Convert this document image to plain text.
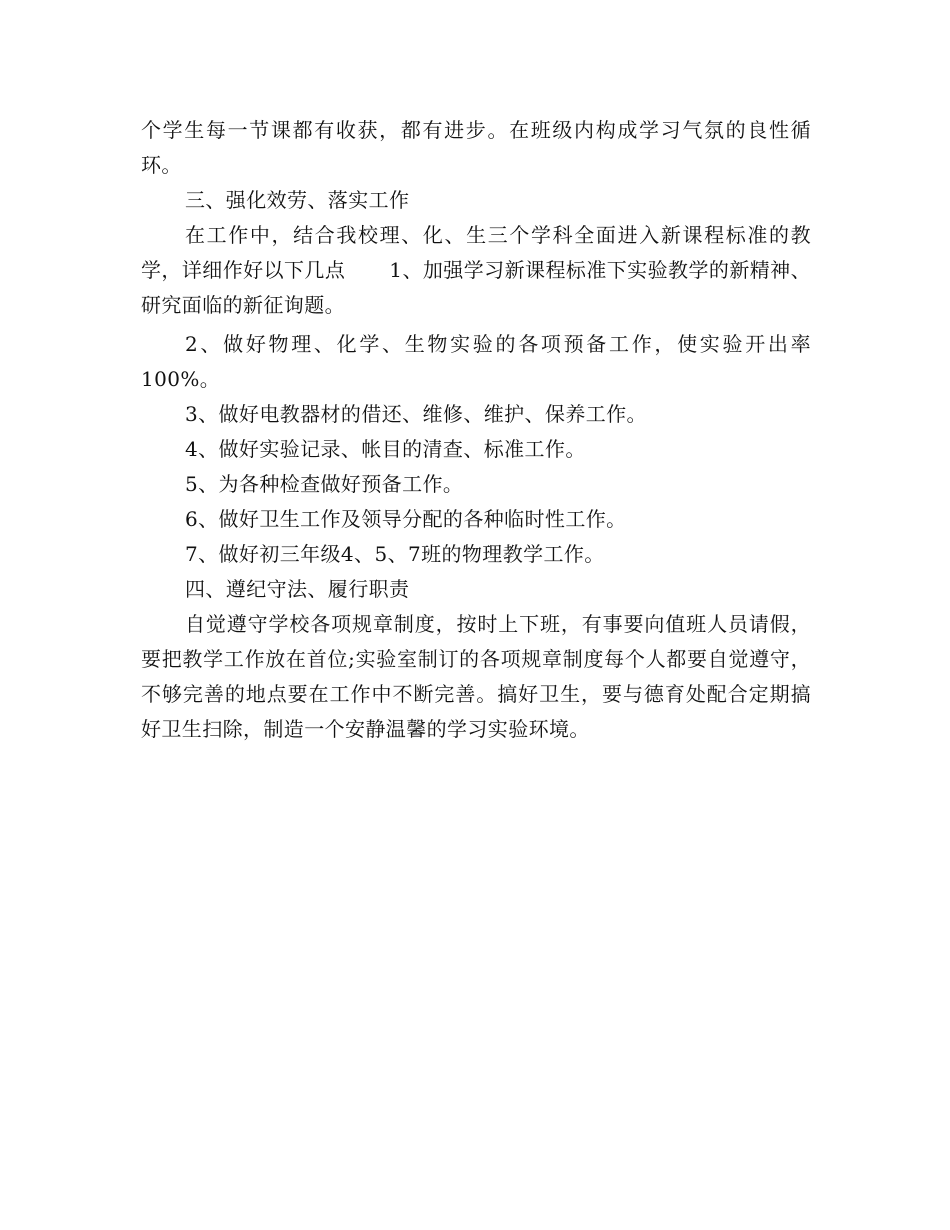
个学生每一节课都有收获，都有进步。在班级内构成学习气氛的良性循环。

三、强化效劳、落实工作

在工作中，结合我校理、化、生三个学科全面进入新课程标准的教学，详细作好以下几点 1、加强学习新课程标准下实验教学的新精神、研究面临的新征询题。

2、做好物理、化学、生物实验的各项预备工作，使实验开出率100%。

3、做好电教器材的借还、维修、维护、保养工作。

4、做好实验记录、帐目的清查、标准工作。

5、为各种检查做好预备工作。

6、做好卫生工作及领导分配的各种临时性工作。

7、做好初三年级4、5、7班的物理教学工作。

四、遵纪守法、履行职责

自觉遵守学校各项规章制度，按时上下班，有事要向值班人员请假，要把教学工作放在首位;实验室制订的各项规章制度每个人都要自觉遵守，不够完善的地点要在工作中不断完善。搞好卫生，要与德育处配合定期搞好卫生扫除，制造一个安静温馨的学习实验环境。
